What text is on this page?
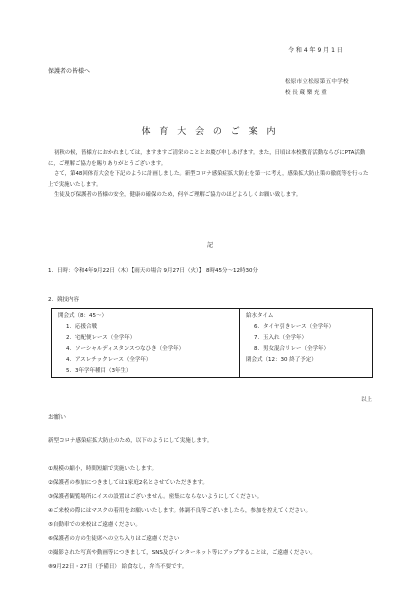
令 和 4 年 9 月 1 日
保護者の皆様へ
松原市立松原第五中学校
校 長 蔵 樂 充 重
体 育 大 会 の ご 案 内
初秋の候，皆様方におかれましては，ますますご清栄のこととお慶び申しあげます。また，日頃は本校教育活動ならびにPTA活動に，ご理解ご協力を賜りありがとうございます。
さて，第48回体育大会を下記のように計画しました。新型コロナ感染症拡大防止を第一に考え，感染拡大防止策の徹底等を行った上で実施いたします。
生徒及び保護者の皆様の安全，健康の確保のため，何卒ご理解ご協力のほどよろしくお願い致します。
記
1．日時：令和4年9月22日（木）【雨天の場合 9月27日（火）】 8時45分～12時30分
2．競技内容
開会式（8：45～）
1．応援合戦
2．宅配便レース（全学年）
4．ソーシャルディスタンスつなひき（全学年）
4．アスレチックレース（全学年）
5．3年学年種目（3年生）
給水タイム
6．タイヤ引きレース（全学年）
7．玉入れ（全学年）
8．男女混合リレー（全学年）
閉会式（12：30 終了予定）
以上
お願い
新型コロナ感染症拡大防止のため，以下のようにして実施します。
①規模の縮小，時間短縮で実施いたします。
②保護者の参加につきましては1家庭2名とさせていただきます。
③保護者観覧場所にイスの設置はございません。密集にならないようにしてください。
④ご来校の際にはマスクの着用をお願いいたします。体調不良等ございましたら，参加を控えてください。
⑤自動車での来校はご遠慮ください。
⑥保護者の方の生徒席への立ち入りはご遠慮ください
⑦撮影された写真や動画等につきまして，SNS及びインターネット等にアップすることは，ご遠慮ください。
⑧9月22日・27日（予備日） 給食なし，弁当不要です。
